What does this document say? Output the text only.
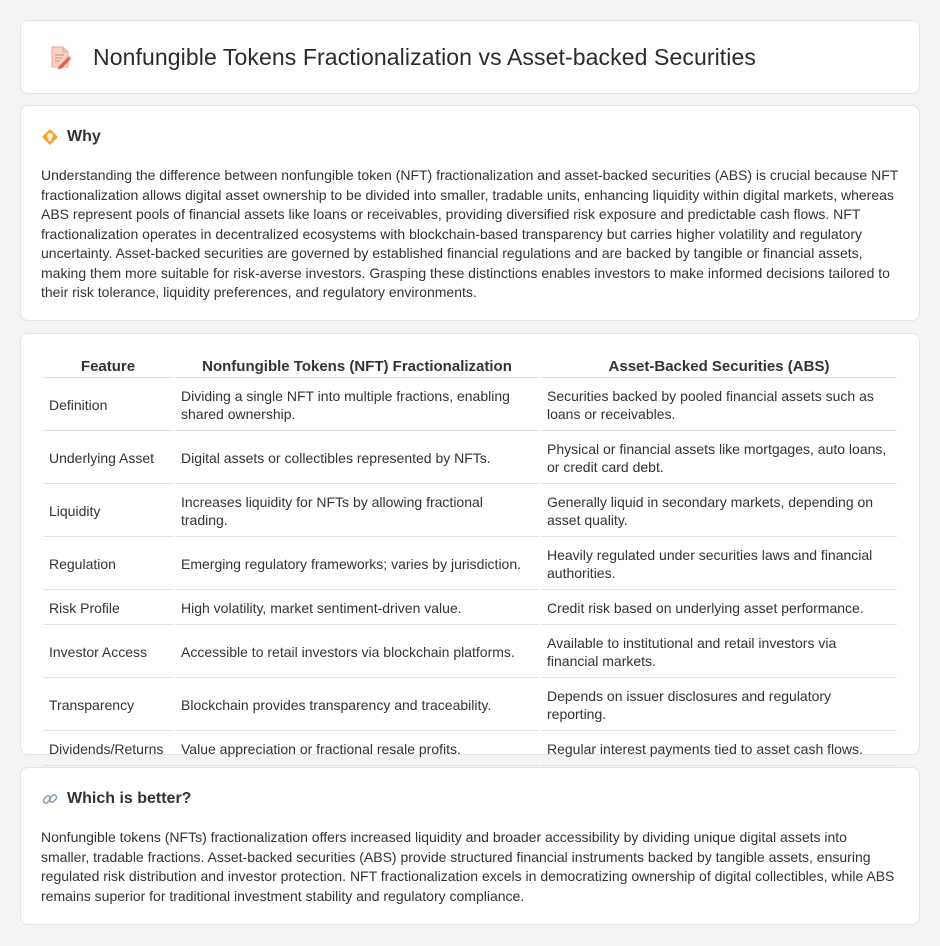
Nonfungible Tokens Fractionalization vs Asset-backed Securities
Why

Understanding the difference between nonfungible token (NFT) fractionalization and asset-backed securities (ABS) is crucial because NFT fractionalization allows digital asset ownership to be divided into smaller, tradable units, enhancing liquidity within digital markets, whereas ABS represent pools of financial assets like loans or receivables, providing diversified risk exposure and predictable cash flows. NFT fractionalization operates in decentralized ecosystems with blockchain-based transparency but carries higher volatility and regulatory uncertainty. Asset-backed securities are governed by established financial regulations and are backed by tangible or financial assets, making them more suitable for risk-averse investors. Grasping these distinctions enables investors to make informed decisions tailored to their risk tolerance, liquidity preferences, and regulatory environments.

Feature	Nonfungible Tokens (NFT) Fractionalization	Asset-Backed Securities (ABS)
Definition	Dividing a single NFT into multiple fractions, enabling shared ownership.	Securities backed by pooled financial assets such as loans or receivables.
Underlying Asset	Digital assets or collectibles represented by NFTs.	Physical or financial assets like mortgages, auto loans, or credit card debt.
Liquidity	Increases liquidity for NFTs by allowing fractional trading.	Generally liquid in secondary markets, depending on asset quality.
Regulation	Emerging regulatory frameworks; varies by jurisdiction.	Heavily regulated under securities laws and financial authorities.
Risk Profile	High volatility, market sentiment-driven value.	Credit risk based on underlying asset performance.
Investor Access	Accessible to retail investors via blockchain platforms.	Available to institutional and retail investors via financial markets.
Transparency	Blockchain provides transparency and traceability.	Depends on issuer disclosures and regulatory reporting.
Dividends/Returns	Value appreciation or fractional resale profits.	Regular interest payments tied to asset cash flows.
Which is better?

Nonfungible tokens (NFTs) fractionalization offers increased liquidity and broader accessibility by dividing unique digital assets into smaller, tradable fractions. Asset-backed securities (ABS) provide structured financial instruments backed by tangible assets, ensuring regulated risk distribution and investor protection. NFT fractionalization excels in democratizing ownership of digital collectibles, while ABS remains superior for traditional investment stability and regulatory compliance.
